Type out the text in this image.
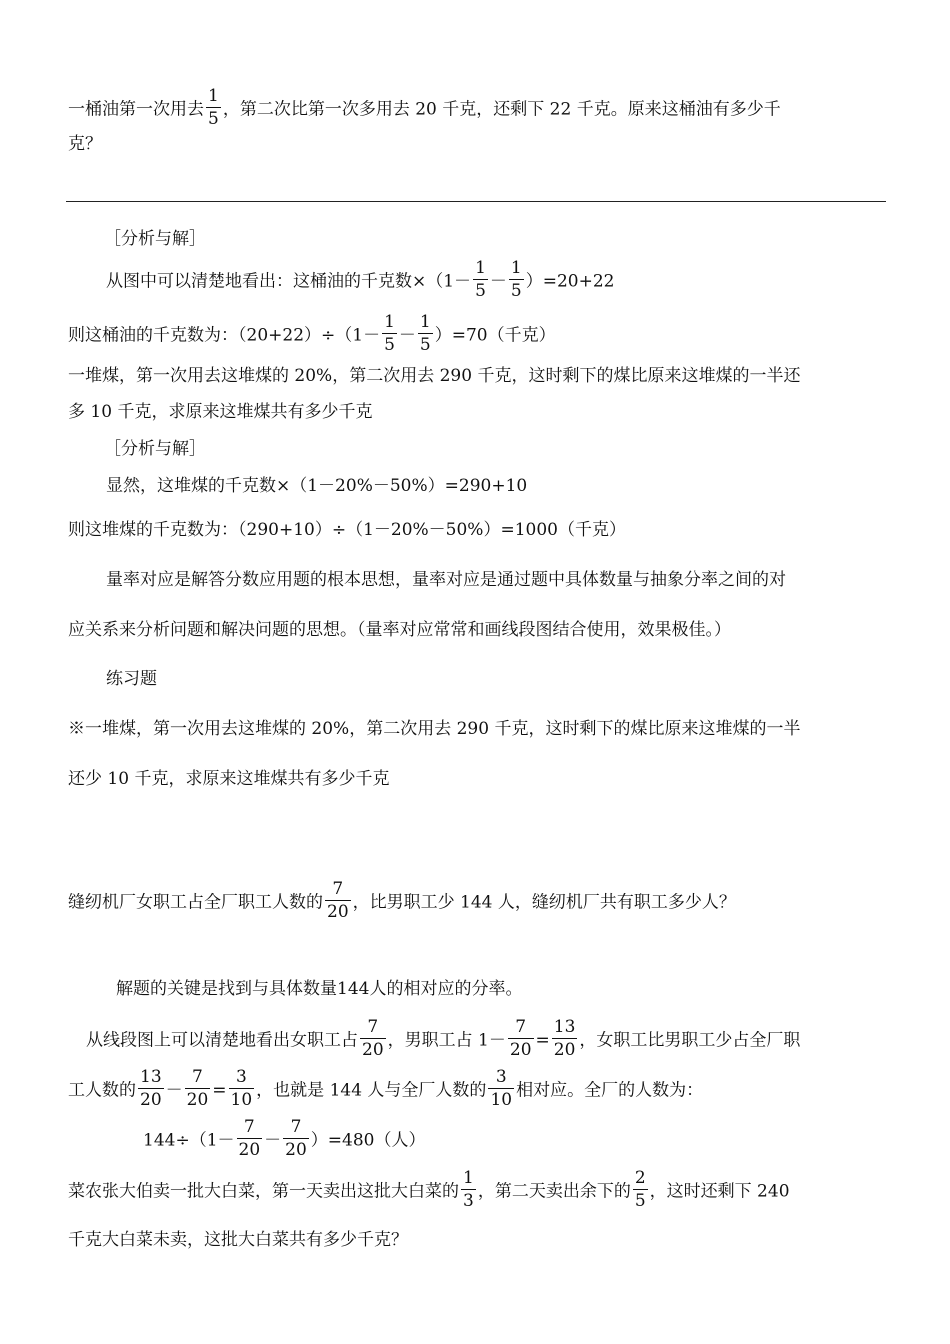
一桶油第一次用去 $\frac{1}{5}$ ，第二次比第一次多用去 20 千克，还剩下 22 千克。原来这桶油有多少千
克？
［分析与解］
从图中可以清楚地看出：这桶油的千克数$\times(1- \frac{1}{5} - \frac{1}{5} )=20+22$
则这桶油的千克数为：$(20+22)\div(1- \frac{1}{5} - \frac{1}{5} )=70$（千克）
一堆煤，第一次用去这堆煤的 20%，第二次用去 290 千克，这时剩下的煤比原来这堆煤的一半还
多 10 千克，求原来这堆煤共有多少千克
［分析与解］
显然，这堆煤的千克数×（1－20%－50%）=290+10
则这堆煤的千克数为：（290+10）÷（1－20%－50%）=1000（千克）
量率对应是解答分数应用题的根本思想，量率对应是通过题中具体数量与抽象分率之间的对
应关系来分析问题和解决问题的思想。（量率对应常常和画线段图结合使用，效果极佳。）
练习题
※一堆煤，第一次用去这堆煤的 20%，第二次用去 290 千克，这时剩下的煤比原来这堆煤的一半
还少 10 千克，求原来这堆煤共有多少千克
缝纫机厂女职工占全厂职工人数的 $\frac{7}{20}$ ，比男职工少 144 人，缝纫机厂共有职工多少人？
解题的关键是找到与具体数量144人的相对应的分率。
从线段图上可以清楚地看出女职工占 $\frac{7}{20}$ ，男职工占 $1- \frac{7}{20} = \frac{13}{20}$ ，女职工比男职工少占全厂职
工人数的 $\frac{13}{20} - \frac{7}{20} = \frac{3}{10}$ ，也就是 144 人与全厂人数的 $\frac{3}{10}$ 相对应。全厂的人数为：
$144\div(1- \frac{7}{20} - \frac{7}{20} )=480$（人）
菜农张大伯卖一批大白菜，第一天卖出这批大白菜的 $\frac{1}{3}$ ，第二天卖出余下的 $\frac{2}{5}$ ，这时还剩下 240
千克大白菜未卖，这批大白菜共有多少千克？
